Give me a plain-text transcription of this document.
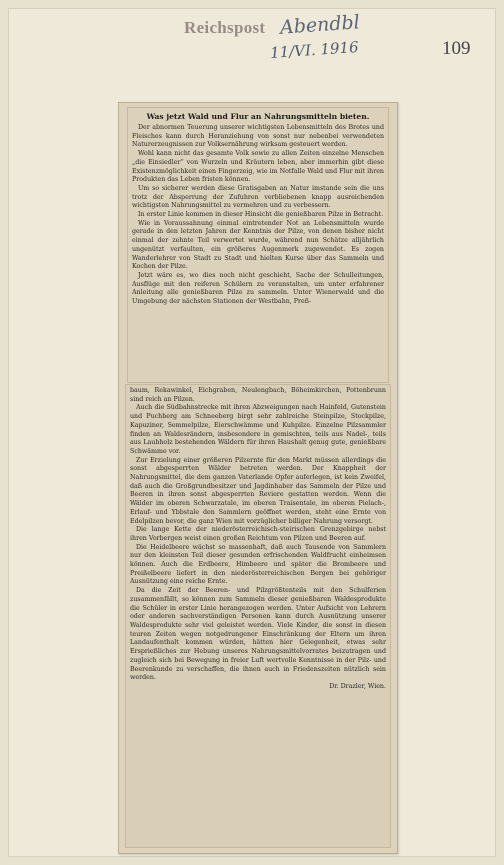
Reichspost Abendbl
11/VI. 1916	109
Was jetzt Wald und Flur an Nahrungsmitteln bieten.

Der abnormen Teuerung unserer wichtigsten Lebensmitteln des Brotes und Fleisches kann durch Heranziehung von sonst nur nebenbei verwendeten Naturerzeugnissen zur Volksernährung wirksam gesteuert werden.

Wohl kann nicht das gesamte Volk sowie zu allen Zeiten einzelne Menschen „die Einsiedler“ von Wurzeln und Kräutern leben, aber immerhin gibt diese Existenzmöglichkeit einen Fingerzeig, wie im Notfalle Wald und Flur mit ihren Produkten das Leben fristen können.

Um so sicherer werden diese Gratisgaben an Natur imstande sein die uns trotz der Absperrung der Zufuhren verbliebenen knapp ausreichenden wichtigsten Nahrungsmittel zu vermehren und zu verbessern.

In erster Linie kommen in dieser Hinsicht die genießbaren Pilze in Betracht.

Wie in Voraussahnung einmal eintretender Not an Lebensmitteln wurde gerade in den letzten Jahren der Kenntnis der Pilze, von denen bisher nicht einmal der zehnte Teil verwertet wurde, während nun Schätze alljährlich ungenützt verfaulten, ein größeres Augenmerk zugewendet. Es zogen Wanderlehrer von Stadt zu Stadt und hielten Kurse über das Sammeln und Kochen der Pilze.

Jetzt wäre es, wo dies noch nicht geschieht, Sache der Schulleitungen, Ausflüge mit den reiferen Schülern zu veranstalten, um unter erfahrener Anleitung alle genießbaren Pilze zu sammeln. Unter Wienerwald und die Umgebung der nächsten Stationen der Westbahn, Preß-

baum, Rekawinkel, Eichgraben, Neulengbach, Böheimkirchen, Pottenbrunn sind reich an Pilzen.

Auch die Südbahnstrecke mit ihren Abzweigungen nach Hainfeld, Gutenstein und Puchberg am Schneeberg birgt sehr zahlreiche Steinpilze, Stockpilze, Kapuziner, Semmelpilze, Eierschwämme und Kuhpilze. Einzelne Pilzsammler finden an Waldesrändern, insbesondere in gemischten, teils aus Nadel-, teils aus Laubholz bestehenden Wäldern für ihren Haushalt genug gute, genießbare Schwämme vor.

Zur Erzielung einer größeren Pilzernte für den Markt müssen allerdings die sonst abgesperrten Wälder betreten werden. Der Knappheit der Nahrungsmittel, die dem ganzen Vaterlande Opfer auferlegen, ist kein Zweifel, daß auch die Großgrundbesitzer und Jagdinhaber das Sammeln der Pilze und Beeren in ihren sonst abgesperrten Reviere gestatten werden. Wenn die Wälder im oberen Schwarzatale, im oberen Traisentale, im oberen Pielach-, Erlauf- und Ybbstale den Sammlern geöffnet werden, steht eine Ernte von Edelpilzen bevor, die ganz Wien mit vorzüglicher billiger Nahrung versorgt.

Die lange Kette der niederösterreichisch-steirischen Grenzgebirge nebst ihren Vorbergen weist einen großen Reichtum von Pilzen und Beeren auf.

Die Heidelbeere wächst so massenhaft, daß auch Tausende von Sammlern nur den kleinsten Teil dieser gesunden erfrischenden Waldfrucht einheimsen können. Auch die Erdbeere, Himbeere und später die Brombeere und Preißelbeere liefert in den niederösterreichischen Bergen bei gehöriger Ausnützung eine reiche Ernte.

Da die Zeit der Beeren- und Pilzgrößtenteils mit den Schulferien zusammenfällt, so können zum Sammeln dieser genießbaren Waldesprodukte die Schüler in erster Linie herangezogen werden. Unter Aufsicht von Lehrern oder anderen sachverständigen Personen kann durch Ausnützung unserer Waldesprodukte sehr viel geleistet werden. Viele Kinder, die sonst in diesen teuren Zeiten wegen notgedrungener Einschränkung der Eltern um ihren Landaufenthalt kommen würden, hätten hier Gelegenheit, etwas sehr Ersprießliches zur Hebung unseres Nahrungsmittelvorrates beizutragen und zugleich sich bei Bewegung in freier Luft wertvolle Kenntnisse in der Pilz- und Beerenkunde zu verschaffen, die ihnen auch in Friedenszeiten nützlich sein werden.

Dr. Drazler, Wien.
